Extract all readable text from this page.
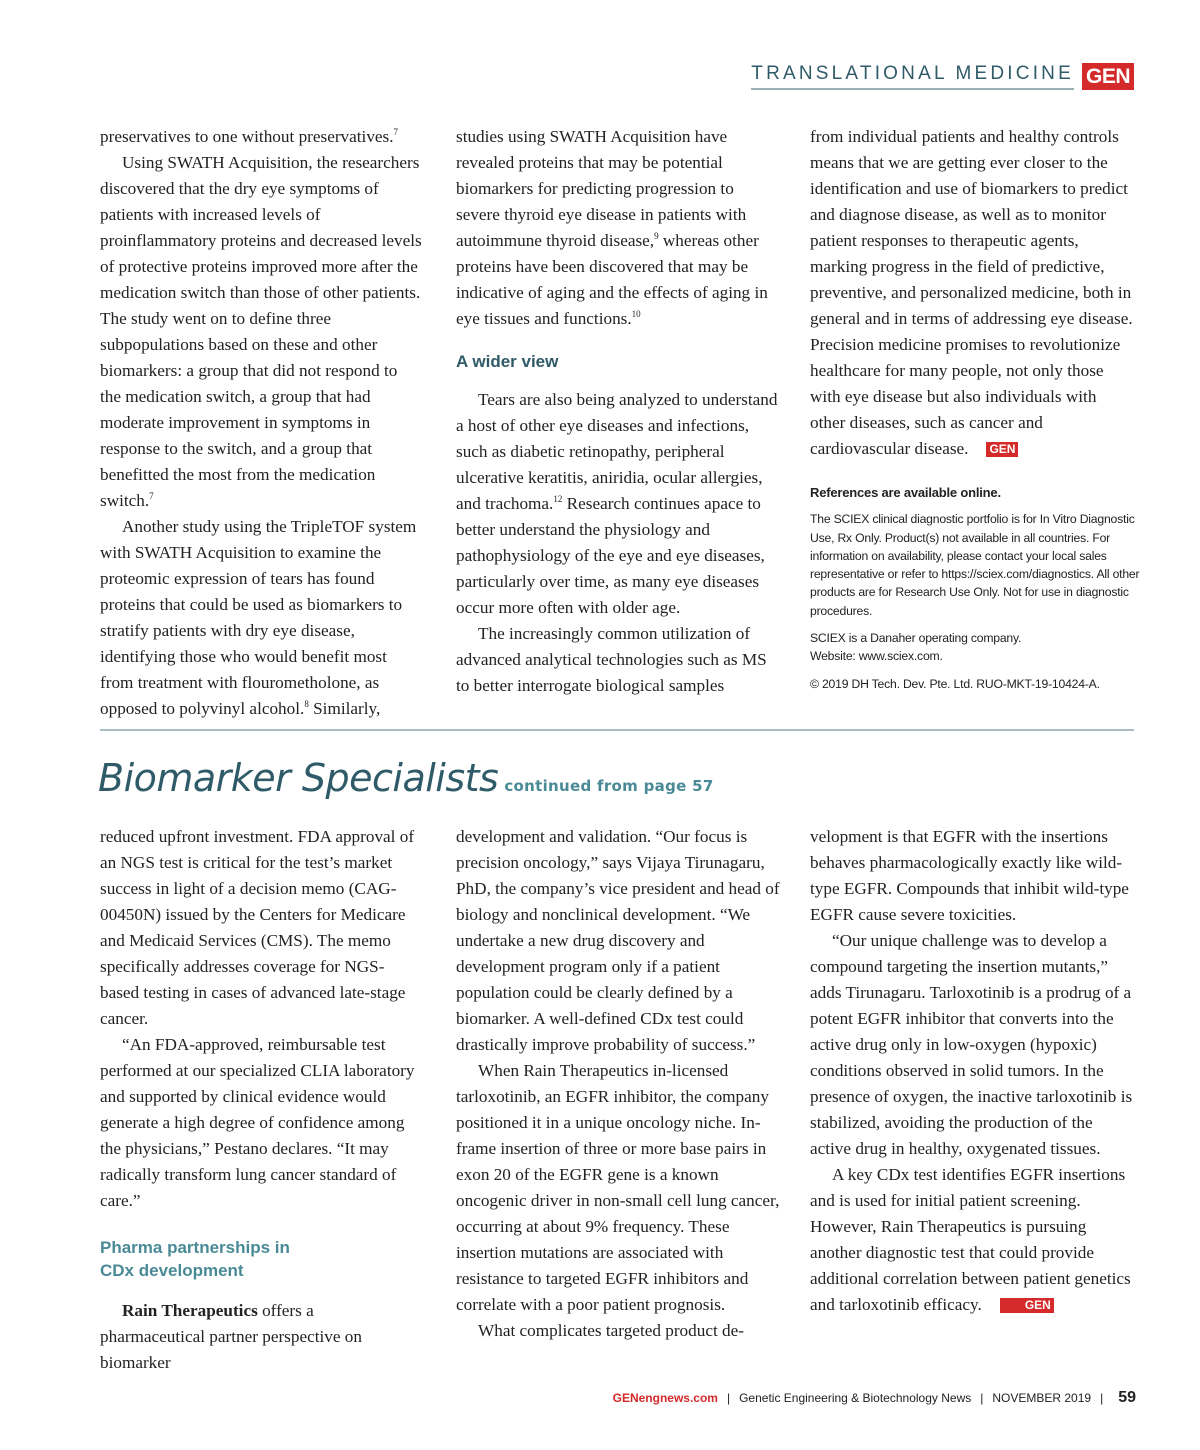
TRANSLATIONAL MEDICINE GEN

preservatives to one without preservatives.$^7$

Using SWATH Acquisition, the researchers discovered that the dry eye symptoms of patients with increased levels of proinflammatory proteins and decreased levels of protective proteins improved more after the medication switch than those of other patients. The study went on to define three subpopulations based on these and other biomarkers: a group that did not respond to the medication switch, a group that had moderate improvement in symptoms in response to the switch, and a group that benefitted the most from the medication switch.$^7$

Another study using the TripleTOF system with SWATH Acquisition to examine the proteomic expression of tears has found proteins that could be used as biomarkers to stratify patients with dry eye disease, identifying those who would benefit most from treatment with flourometholone, as opposed to polyvinyl alcohol.$^8$ Similarly,

studies using SWATH Acquisition have revealed proteins that may be potential biomarkers for predicting progression to severe thyroid eye disease in patients with autoimmune thyroid disease,$^9$ whereas other proteins have been discovered that may be indicative of aging and the effects of aging in eye tissues and functions.$^{10}$

A wider view

Tears are also being analyzed to understand a host of other eye diseases and infections, such as diabetic retinopathy, peripheral ulcerative keratitis, aniridia, ocular allergies, and trachoma.$^{12}$ Research continues apace to better understand the physiology and pathophysiology of the eye and eye diseases, particularly over time, as many eye diseases occur more often with older age.

The increasingly common utilization of advanced analytical technologies such as MS to better interrogate biological samples

from individual patients and healthy controls means that we are getting ever closer to the identification and use of biomarkers to predict and diagnose disease, as well as to monitor patient responses to therapeutic agents, marking progress in the field of predictive, preventive, and personalized medicine, both in general and in terms of addressing eye disease. Precision medicine promises to revolutionize healthcare for many people, not only those with eye disease but also individuals with other diseases, such as cancer and cardiovascular disease. GEN

References are available online.

The SCIEX clinical diagnostic portfolio is for In Vitro Diagnostic Use, Rx Only. Product(s) not available in all countries. For information on availability, please contact your local sales representative or refer to https://sciex.com/diagnostics. All other products are for Research Use Only. Not for use in diagnostic procedures.

SCIEX is a Danaher operating company.

Website: www.sciex.com.

© 2019 DH Tech. Dev. Pte. Ltd. RUO-MKT-19-10424-A.

Biomarker Specialists continued from page 57

reduced upfront investment. FDA approval of an NGS test is critical for the test’s market success in light of a decision memo (CAG-00450N) issued by the Centers for Medicare and Medicaid Services (CMS). The memo specifically addresses coverage for NGS-based testing in cases of advanced late-stage cancer.

“An FDA-approved, reimbursable test performed at our specialized CLIA laboratory and supported by clinical evidence would generate a high degree of confidence among the physicians,” Pestano declares. “It may radically transform lung cancer standard of care.”

Pharma partnerships in
CDx development

Rain Therapeutics offers a pharmaceutical partner perspective on biomarker

development and validation. “Our focus is precision oncology,” says Vijaya Tirunagaru, PhD, the company’s vice president and head of biology and nonclinical development. “We undertake a new drug discovery and development program only if a patient population could be clearly defined by a biomarker. A well-defined CDx test could drastically improve probability of success.”

When Rain Therapeutics in-licensed tarloxotinib, an EGFR inhibitor, the company positioned it in a unique oncology niche. In-frame insertion of three or more base pairs in exon 20 of the EGFR gene is a known oncogenic driver in non-small cell lung cancer, occurring at about 9% frequency. These insertion mutations are associated with resistance to targeted EGFR inhibitors and correlate with a poor patient prognosis.

What complicates targeted product de-

velopment is that EGFR with the insertions behaves pharmacologically exactly like wild-type EGFR. Compounds that inhibit wild-type EGFR cause severe toxicities.

“Our unique challenge was to develop a compound targeting the insertion mutants,” adds Tirunagaru. Tarloxotinib is a prodrug of a potent EGFR inhibitor that converts into the active drug only in low-oxygen (hypoxic) conditions observed in solid tumors. In the presence of oxygen, the inactive tarloxotinib is stabilized, avoiding the production of the active drug in healthy, oxygenated tissues.

A key CDx test identifies EGFR insertions and is used for initial patient screening. However, Rain Therapeutics is pursuing another diagnostic test that could provide additional correlation between patient genetics and tarloxotinib efficacy.	GEN

GENengnews.com | Genetic Engineering & Biotechnology News | NOVEMBER 2019 | 59
